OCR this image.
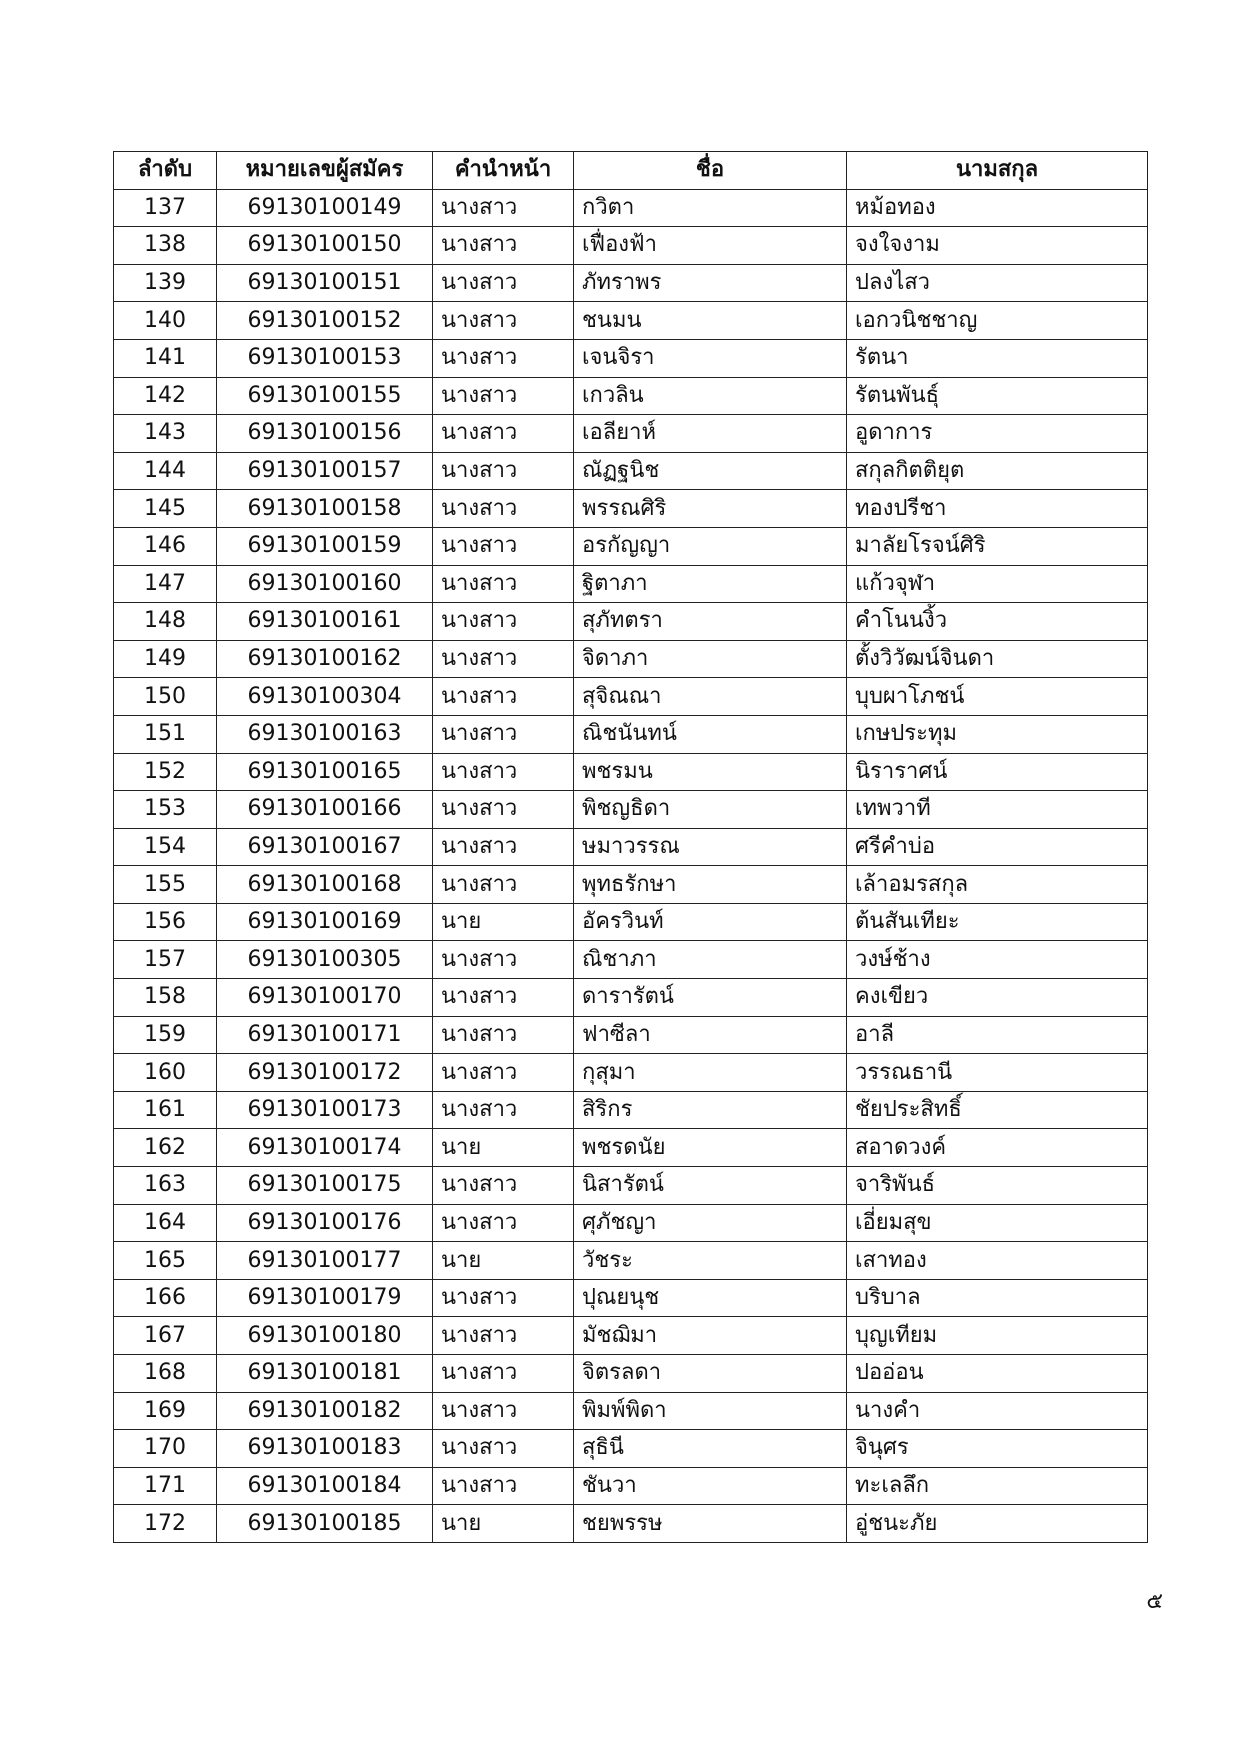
ลำดับ	หมายเลขผู้สมัคร	คำนำหน้า	ชื่อ	นามสกุล
137	69130100149	นางสาว	กวิตา	หม้อทอง
138	69130100150	นางสาว	เฟื่องฟ้า	จงใจงาม
139	69130100151	นางสาว	ภัทราพร	ปลงไสว
140	69130100152	นางสาว	ชนมน	เอกวนิชชาญ
141	69130100153	นางสาว	เจนจิรา	รัตนา
142	69130100155	นางสาว	เกวลิน	รัตนพันธุ์
143	69130100156	นางสาว	เอลียาห์	อูดาการ
144	69130100157	นางสาว	ณัฏฐนิช	สกุลกิตติยุต
145	69130100158	นางสาว	พรรณศิริ	ทองปรีชา
146	69130100159	นางสาว	อรกัญญา	มาลัยโรจน์ศิริ
147	69130100160	นางสาว	ฐิตาภา	แก้วจุฬา
148	69130100161	นางสาว	สุภัทตรา	คำโนนงิ้ว
149	69130100162	นางสาว	จิดาภา	ตั้งวิวัฒน์จินดา
150	69130100304	นางสาว	สุจิณณา	บุบผาโภชน์
151	69130100163	นางสาว	ณิชนันทน์	เกษประทุม
152	69130100165	นางสาว	พชรมน	นิราราศน์
153	69130100166	นางสาว	พิชญธิดา	เทพวาที
154	69130100167	นางสาว	ษมาวรรณ	ศรีคำบ่อ
155	69130100168	นางสาว	พุทธรักษา	เล้าอมรสกุล
156	69130100169	นาย	อัครวินท์	ต้นสันเทียะ
157	69130100305	นางสาว	ณิชาภา	วงษ์ช้าง
158	69130100170	นางสาว	ดารารัตน์	คงเขียว
159	69130100171	นางสาว	ฟาซีลา	อาลี
160	69130100172	นางสาว	กุสุมา	วรรณธานี
161	69130100173	นางสาว	สิริกร	ชัยประสิทธิ์
162	69130100174	นาย	พชรดนัย	สอาดวงค์
163	69130100175	นางสาว	นิสารัตน์	จาริพันธ์
164	69130100176	นางสาว	ศุภัชญา	เอี่ยมสุข
165	69130100177	นาย	วัชระ	เสาทอง
166	69130100179	นางสาว	ปุณยนุช	บริบาล
167	69130100180	นางสาว	มัชฌิมา	บุญเทียม
168	69130100181	นางสาว	จิตรลดา	ปออ่อน
169	69130100182	นางสาว	พิมพ์พิดา	นางคำ
170	69130100183	นางสาว	สุธินี	จินุศร
171	69130100184	นางสาว	ชันวา	ทะเลลึก
172	69130100185	นาย	ชยพรรษ	อู่ชนะภัย
๕
